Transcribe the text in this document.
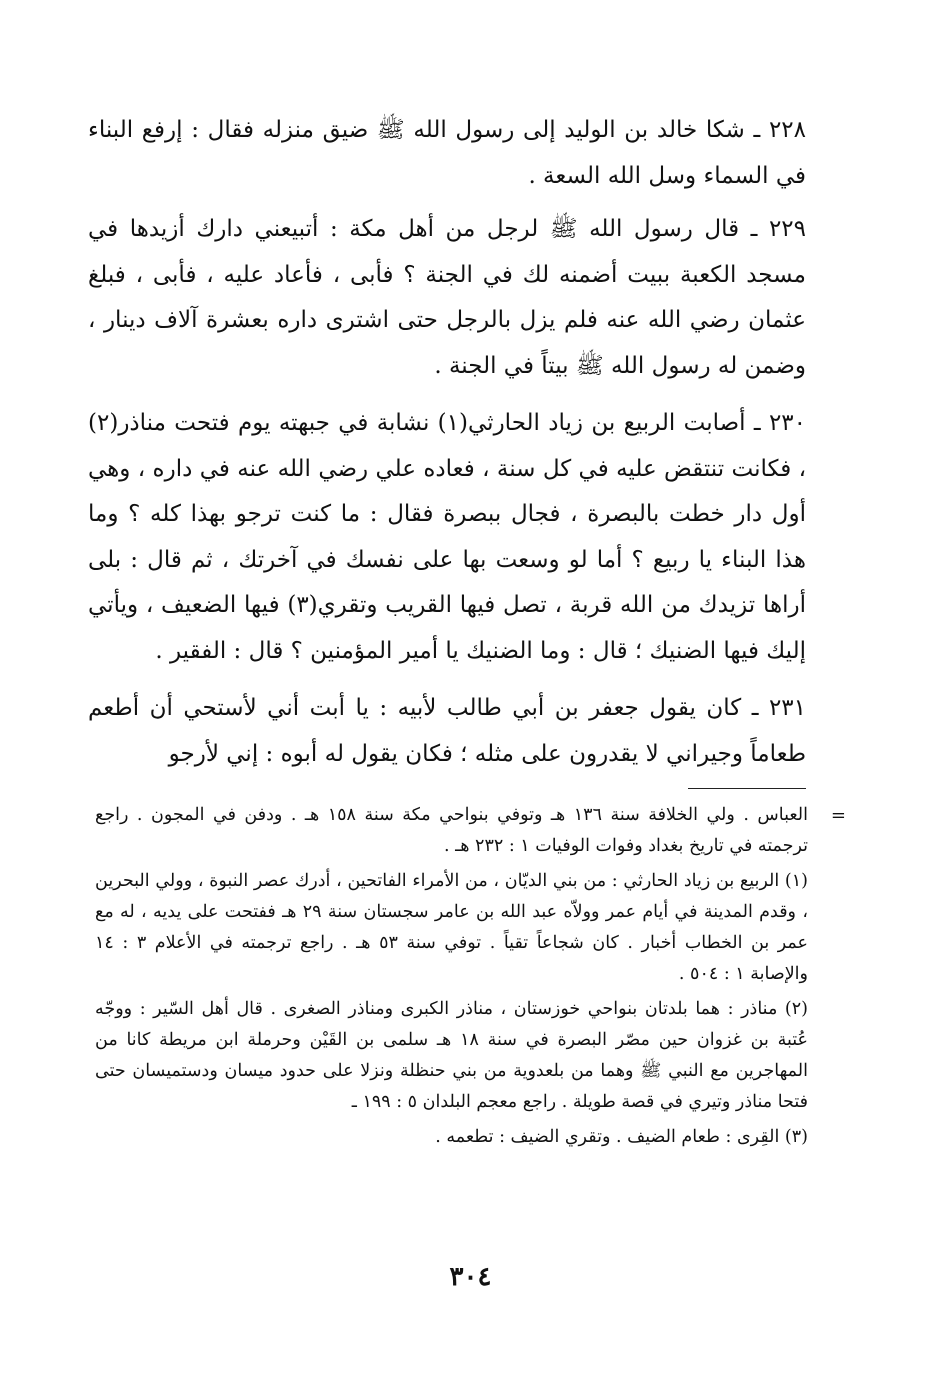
٢٢٨ ـ شكا خالد بن الوليد إلى رسول الله ﷺ ضيق منزله فقال : إرفع البناء في السماء وسل الله السعة .

٢٢٩ ـ قال رسول الله ﷺ لرجل من أهل مكة : أتبيعني دارك أزيدها في مسجد الكعبة ببيت أضمنه لك في الجنة ؟ فأبى ، فأعاد عليه ، فأبى ، فبلغ عثمان رضي الله عنه فلم يزل بالرجل حتى اشترى داره بعشرة آلاف دينار ، وضمن له رسول الله ﷺ بيتاً في الجنة .

٢٣٠ ـ أصابت الربيع بن زياد الحارثي(١) نشابة في جبهته يوم فتحت مناذر(٢) ، فكانت تنتقض عليه في كل سنة ، فعاده علي رضي الله عنه في داره ، وهي أول دار خطت بالبصرة ، فجال ببصرة فقال : ما كنت ترجو بهذا كله ؟ وما هذا البناء يا ربيع ؟ أما لو وسعت بها على نفسك في آخرتك ، ثم قال : بلى أراها تزيدك من الله قربة ، تصل فيها القريب وتقري(٣) فيها الضعيف ، ويأتي إليك فيها الضنيك ؛ قال : وما الضنيك يا أمير المؤمنين ؟ قال : الفقير .

٢٣١ ـ كان يقول جعفر بن أبي طالب لأبيه : يا أبت أني لأستحي أن أطعم طعاماً وجيراني لا يقدرون على مثله ؛ فكان يقول له أبوه : إني لأرجو

=
العباس . ولي الخلافة سنة ١٣٦ هـ وتوفي بنواحي مكة سنة ١٥٨ هـ . ودفن في المجون . راجع ترجمته في تاريخ بغداد وفوات الوفيات ١ : ٢٣٢ هـ .
(١) الربيع بن زياد الحارثي : من بني الديّان ، من الأمراء الفاتحين ، أدرك عصر النبوة ، وولي البحرين ، وقدم المدينة في أيام عمر وولاّه عبد الله بن عامر سجستان سنة ٢٩ هـ ففتحت على يديه ، له مع عمر بن الخطاب أخبار . كان شجاعاً تقياً . توفي سنة ٥٣ هـ . راجع ترجمته في الأعلام ٣ : ١٤ والإصابة ١ : ٥٠٤ .
(٢) مناذر : هما بلدتان بنواحي خوزستان ، مناذر الكبرى ومناذر الصغرى . قال أهل السّير : ووجّه عُتبة بن غزوان حين مصّر البصرة في سنة ١٨ هـ سلمى بن القَيْن وحرملة ابن مريطة كانا من المهاجرين مع النبي ﷺ وهما من بلعدوية من بني حنظلة ونزلا على حدود ميسان ودستميسان حتى فتحا مناذر وتيري في قصة طويلة . راجع معجم البلدان ٥ : ١٩٩ ـ
(٣) القِرى : طعام الضيف . وتقري الضيف : تطعمه .
٣٠٤
